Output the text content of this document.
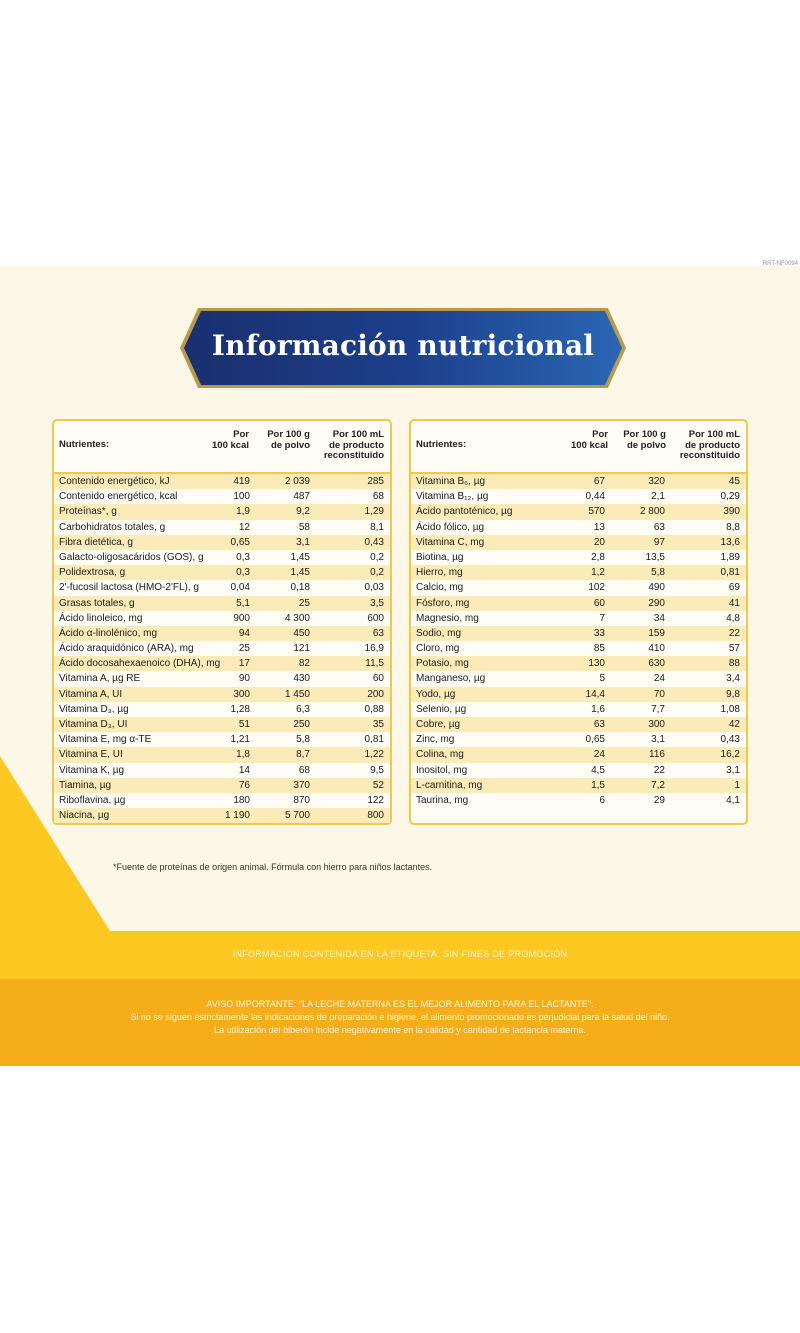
RRT-NF0094
Información nutricional
Nutrientes:
Por
100 kcal
Por 100 g
de polvo
Por 100 mL
de producto
reconstituido
Contenido energético, kJ	419	2 039	285
Contenido energético, kcal	100	487	68
Proteínas*, g	1,9	9,2	1,29
Carbohidratos totales, g	12	58	8,1
Fibra dietética, g	0,65	3,1	0,43
Galacto-oligosacáridos (GOS), g	0,3	1,45	0,2
Polidextrosa, g	0,3	1,45	0,2
2'-fucosil lactosa (HMO-2'FL), g	0,04	0,18	0,03
Grasas totales, g	5,1	25	3,5
Ácido linoleico, mg	900	4 300	600
Ácido α-linolénico, mg	94	450	63
Ácido araquidónico (ARA), mg	25	121	16,9
Ácido docosahexaenoico (DHA), mg	17	82	11,5
Vitamina A, µg RE	90	430	60
Vitamina A, UI	300	1 450	200
Vitamina D₃, µg	1,28	6,3	0,88
Vitamina D₃, UI	51	250	35
Vitamina E, mg α-TE	1,21	5,8	0,81
Vitamina E, UI	1,8	8,7	1,22
Vitamina K, µg	14	68	9,5
Tiamina, µg	76	370	52
Riboflavina, µg	180	870	122
Niacina, µg	1 190	5 700	800
Nutrientes:
Por
100 kcal
Por 100 g
de polvo
Por 100 mL
de producto
reconstituido
Vitamina B₆, µg	67	320	45
Vitamina B₁₂, µg	0,44	2,1	0,29
Ácido pantoténico, µg	570	2 800	390
Ácido fólico, µg	13	63	8,8
Vitamina C, mg	20	97	13,6
Biotina, µg	2,8	13,5	1,89
Hierro, mg	1,2	5,8	0,81
Calcio, mg	102	490	69
Fósforo, mg	60	290	41
Magnesio, mg	7	34	4,8
Sodio, mg	33	159	22
Cloro, mg	85	410	57
Potasio, mg	130	630	88
Manganeso, µg	5	24	3,4
Yodo, µg	14,4	70	9,8
Selenio, µg	1,6	7,7	1,08
Cobre, µg	63	300	42
Zinc, mg	0,65	3,1	0,43
Colina, mg	24	116	16,2
Inositol, mg	4,5	22	3,1
L-carnitina, mg	1,5	7,2	1
Taurina, mg	6	29	4,1
*Fuente de proteínas de origen animal. Fórmula con hierro para niños lactantes.
INFORMACIÓN CONTENIDA EN LA ETIQUETA. SIN FINES DE PROMOCIÓN
AVISO IMPORTANTE: "LA LECHE MATERNA ES EL MEJOR ALIMENTO PARA EL LACTANTE".
Si no se siguen estrictamente las indicaciones de preparación e higiene, el alimento promocionado es perjudicial para la salud del niño.
La utilización del biberón incide negativamente en la calidad y cantidad de lactancia materna.
